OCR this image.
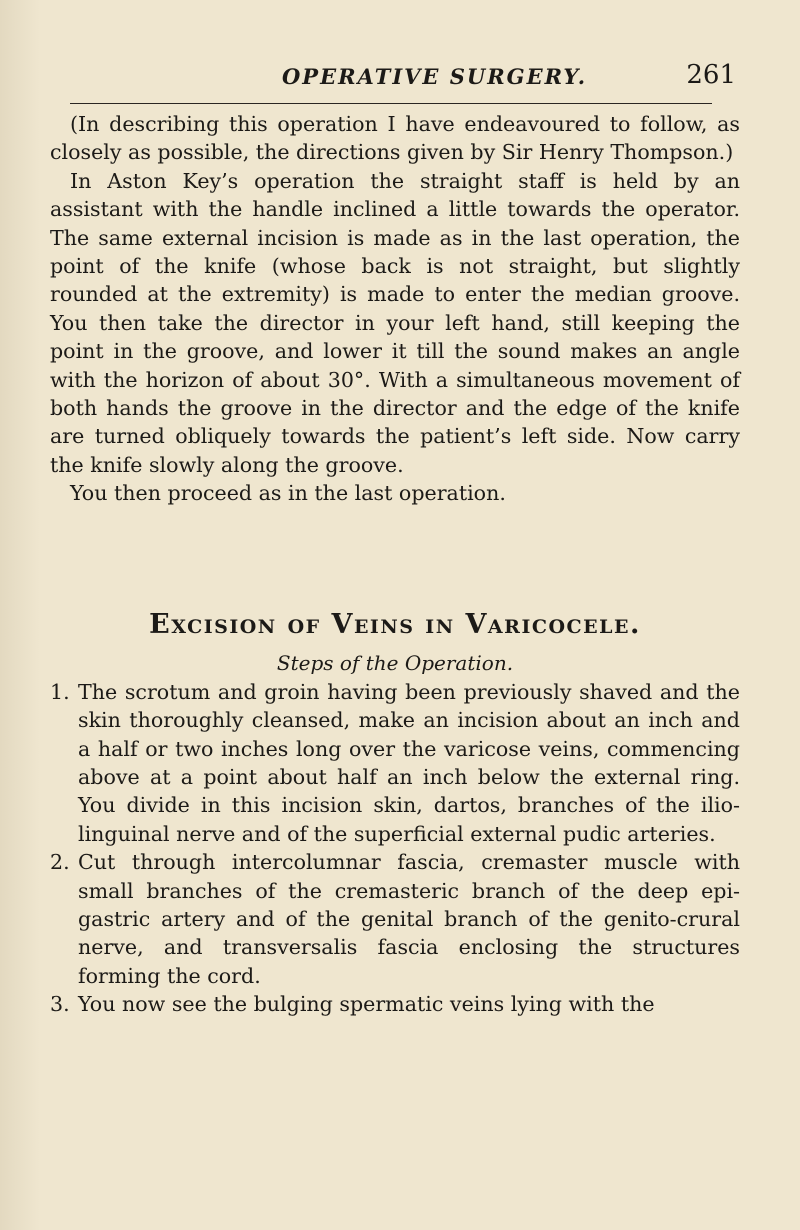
OPERATIVE SURGERY.	261

(In describing this operation I have endeavoured to follow, as closely as possible, the directions given by Sir Henry Thompson.)

In Aston Key’s operation the straight staff is held by an assistant with the handle inclined a little towards the operator. The same external incision is made as in the last operation, the point of the knife (whose back is not straight, but slightly rounded at the extremity) is made to enter the median groove. You then take the director in your left hand, still keeping the point in the groove, and lower it till the sound makes an angle with the horizon of about 30°. With a simultaneous movement of both hands the groove in the director and the edge of the knife are turned obliquely towards the patient’s left side. Now carry the knife slowly along the groove.

You then proceed as in the last operation.

Excision of Veins in Varicocele.

Steps of the Operation.

1. The scrotum and groin having been previously shaved and the skin thoroughly cleansed, make an incision about an inch and a half or two inches long over the varicose veins, commencing above at a point about half an inch below the external ring. You divide in this incision skin, dartos, branches of the ilio-linguinal nerve and of the superficial external pudic arteries.
2. Cut through intercolumnar fascia, cremaster muscle with small branches of the cremasteric branch of the deep epi-gastric artery and of the genital branch of the genito-crural nerve, and transversalis fascia enclosing the structures forming the cord.
3. You now see the bulging spermatic veins lying with the
